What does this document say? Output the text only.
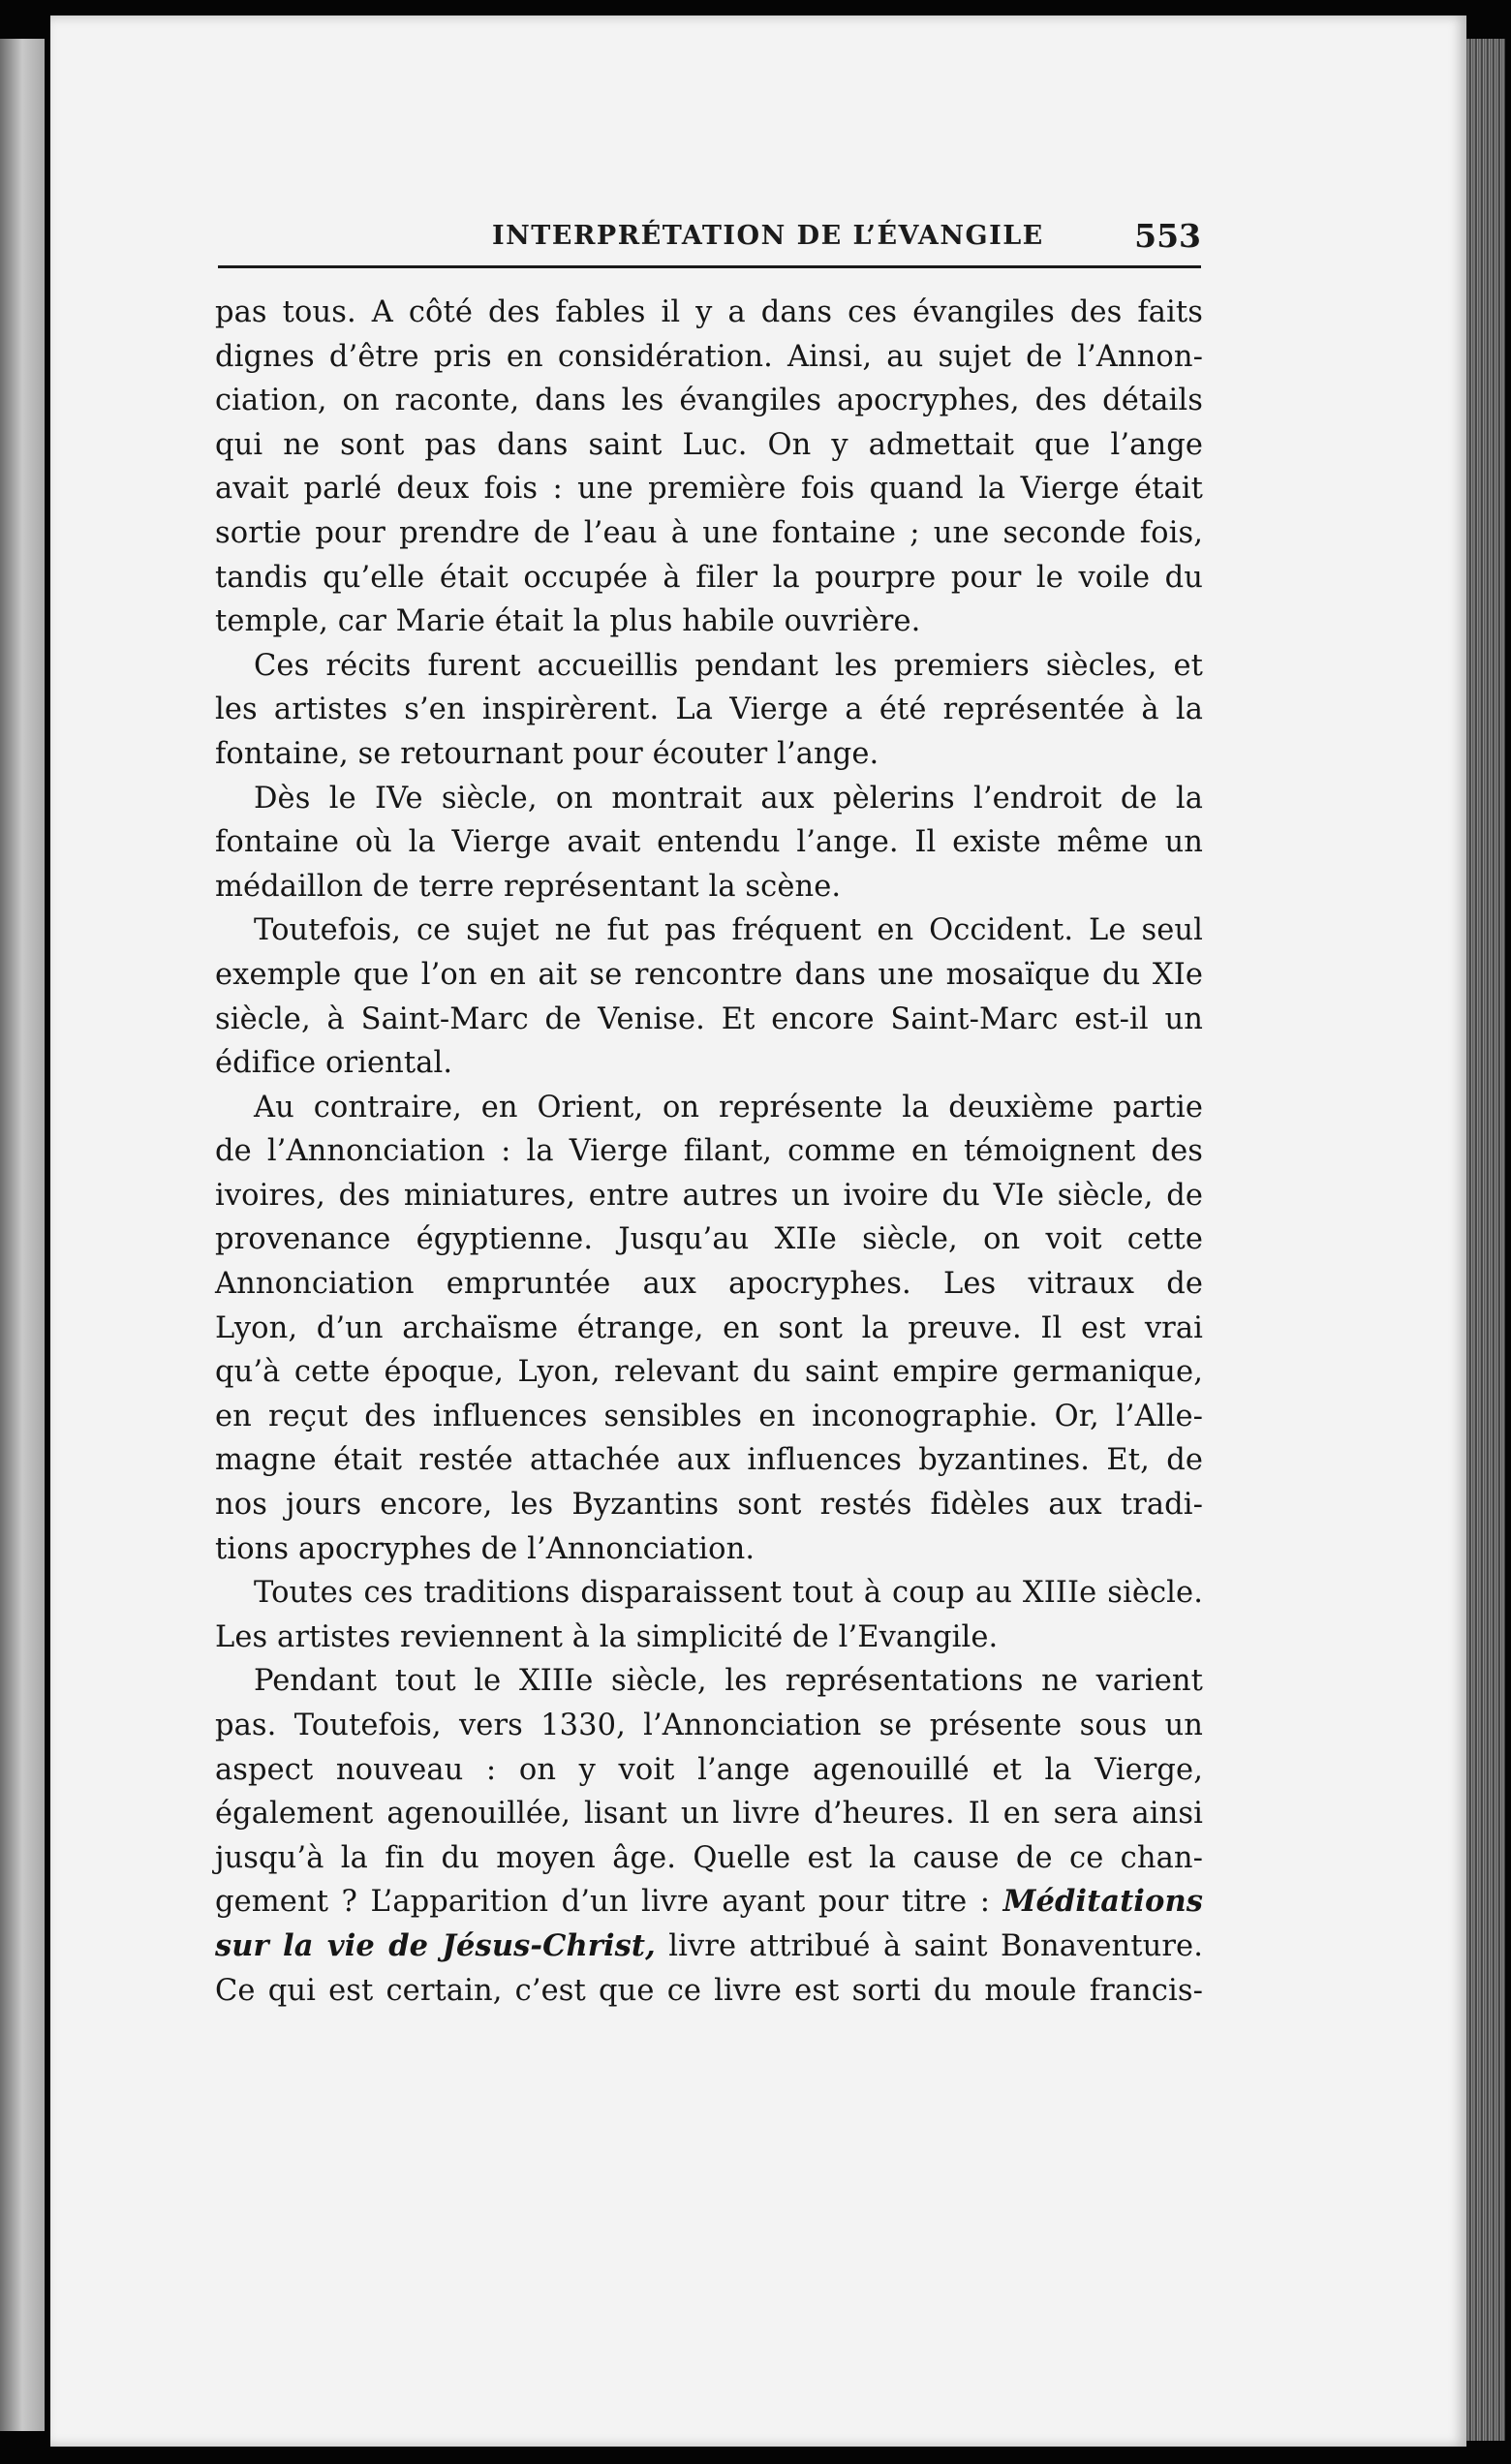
INTERPRÉTATION DE L’ÉVANGILE	553
pas tous. A côté des fables il y a dans ces évangiles des faits
dignes d’être pris en considération. Ainsi, au sujet de l’Annon-
ciation, on raconte, dans les évangiles apocryphes, des détails
qui ne sont pas dans saint Luc. On y admettait que l’ange
avait parlé deux fois : une première fois quand la Vierge était
sortie pour prendre de l’eau à une fontaine ; une seconde fois,
tandis qu’elle était occupée à filer la pourpre pour le voile du
temple, car Marie était la plus habile ouvrière.
Ces récits furent accueillis pendant les premiers siècles, et
les artistes s’en inspirèrent. La Vierge a été représentée à la
fontaine, se retournant pour écouter l’ange.
Dès le IVe siècle, on montrait aux pèlerins l’endroit de la
fontaine où la Vierge avait entendu l’ange. Il existe même un
médaillon de terre représentant la scène.
Toutefois, ce sujet ne fut pas fréquent en Occident. Le seul
exemple que l’on en ait se rencontre dans une mosaïque du XIe
siècle, à Saint-Marc de Venise. Et encore Saint-Marc est-il un
édifice oriental.
Au contraire, en Orient, on représente la deuxième partie
de l’Annonciation : la Vierge filant, comme en témoignent des
ivoires, des miniatures, entre autres un ivoire du VIe siècle, de
provenance égyptienne. Jusqu’au XIIe siècle, on voit cette
Annonciation empruntée aux apocryphes. Les vitraux de
Lyon, d’un archaïsme étrange, en sont la preuve. Il est vrai
qu’à cette époque, Lyon, relevant du saint empire germanique,
en reçut des influences sensibles en inconographie. Or, l’Alle-
magne était restée attachée aux influences byzantines. Et, de
nos jours encore, les Byzantins sont restés fidèles aux tradi-
tions apocryphes de l’Annonciation.
Toutes ces traditions disparaissent tout à coup au XIIIe siècle.
Les artistes reviennent à la simplicité de l’Evangile.
Pendant tout le XIIIe siècle, les représentations ne varient
pas. Toutefois, vers 1330, l’Annonciation se présente sous un
aspect nouveau : on y voit l’ange agenouillé et la Vierge,
également agenouillée, lisant un livre d’heures. Il en sera ainsi
jusqu’à la fin du moyen âge. Quelle est la cause de ce chan-
gement ? L’apparition d’un livre ayant pour titre : Méditations
sur la vie de Jésus-Christ, livre attribué à saint Bonaventure.
Ce qui est certain, c’est que ce livre est sorti du moule francis-
